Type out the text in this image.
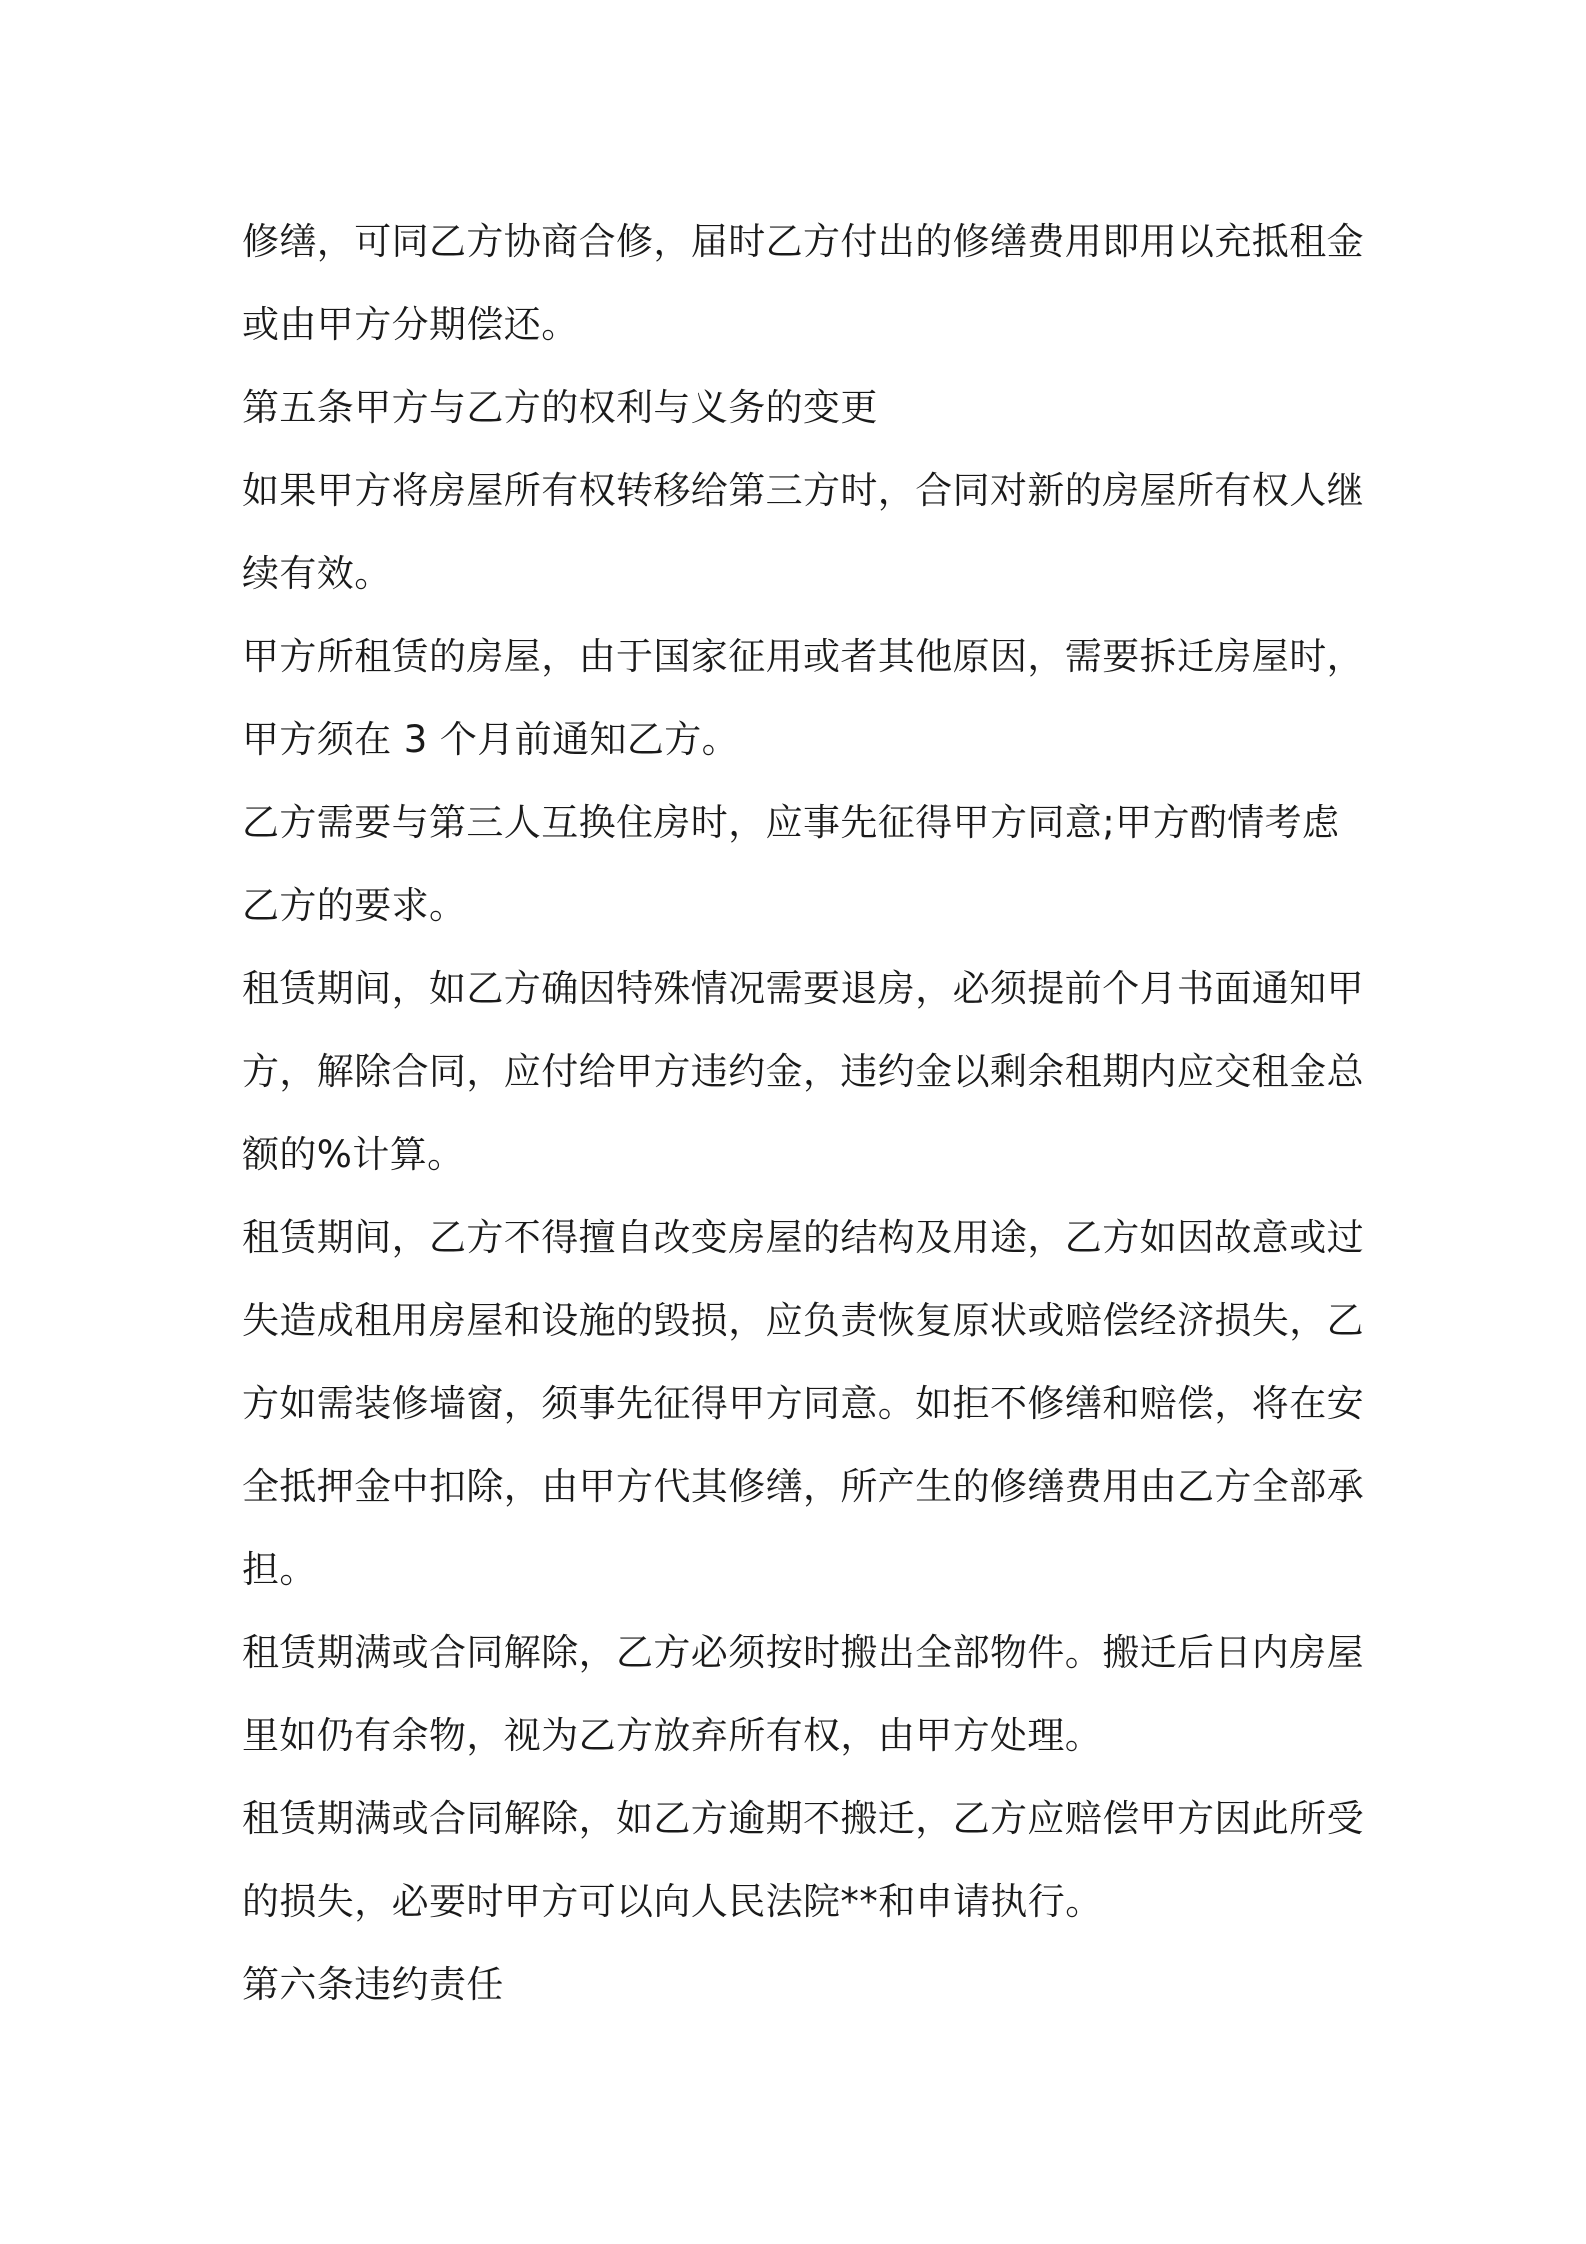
修缮，可同乙方协商合修，届时乙方付出的修缮费用即用以充抵租金
或由甲方分期偿还。
第五条甲方与乙方的权利与义务的变更
如果甲方将房屋所有权转移给第三方时，合同对新的房屋所有权人继
续有效。
甲方所租赁的房屋，由于国家征用或者其他原因，需要拆迁房屋时，
甲方须在 3 个月前通知乙方。
乙方需要与第三人互换住房时，应事先征得甲方同意;甲方酌情考虑
乙方的要求。
租赁期间，如乙方确因特殊情况需要退房，必须提前个月书面通知甲
方，解除合同，应付给甲方违约金，违约金以剩余租期内应交租金总
额的%计算。
租赁期间，乙方不得擅自改变房屋的结构及用途，乙方如因故意或过
失造成租用房屋和设施的毁损，应负责恢复原状或赔偿经济损失，乙
方如需装修墙窗，须事先征得甲方同意。如拒不修缮和赔偿，将在安
全抵押金中扣除，由甲方代其修缮，所产生的修缮费用由乙方全部承
担。
租赁期满或合同解除，乙方必须按时搬出全部物件。搬迁后日内房屋
里如仍有余物，视为乙方放弃所有权，由甲方处理。
租赁期满或合同解除，如乙方逾期不搬迁，乙方应赔偿甲方因此所受
的损失，必要时甲方可以向人民法院**和申请执行。
第六条违约责任
